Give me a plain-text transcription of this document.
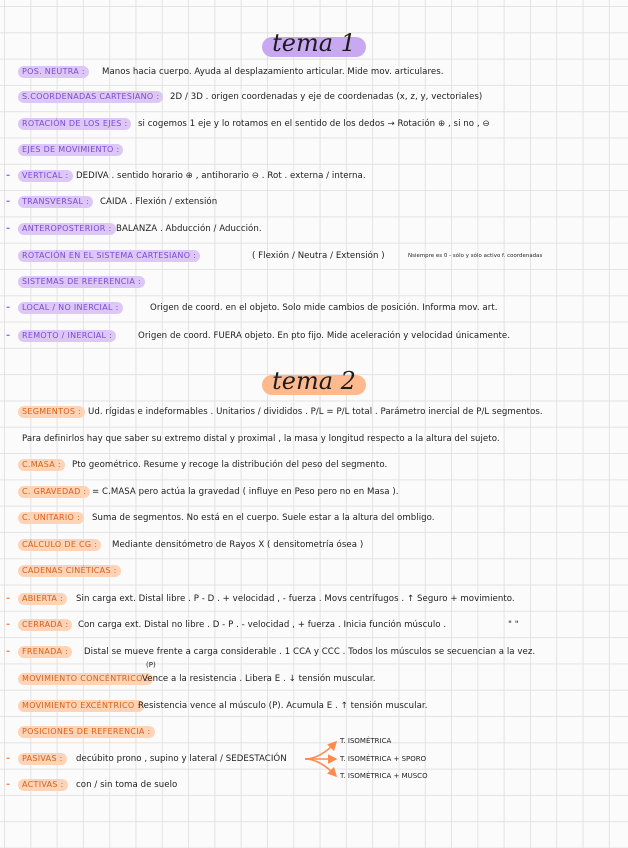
tema 1
POS. NEUTRA :	Manos hacia cuerpo. Ayuda al desplazamiento articular. Mide mov. articulares.
S.COORDENADAS CARTESIANO :	2D / 3D . origen coordenadas y eje de coordenadas (x, z, y, vectoriales)
ROTACIÓN DE LOS EJES :	si cogemos 1 eje y lo rotamos en el sentido de los dedos → Rotación ⊕ , si no , ⊖
EJES DE MOVIMIENTO :
-	VERTICAL : DEDIVA . sentido horario ⊕ , antihorario ⊖ . Rot . externa / interna.
-	TRANSVERSAL :	CAIDA . Flexión / extensión
-	ANTEROPOSTERIOR : BALANZA . Abducción / Aducción.
ROTACIÓN EN EL SISTEMA CARTESIANO :	( Flexión / Neutra / Extensión )	Nsiempre es 0 - sólo y sólo activo f. coordenadas
SISTEMAS DE REFERENCIA :
-	LOCAL / NO INERCIAL :	Origen de coord. en el objeto. Solo mide cambios de posición. Informa mov. art.
-	REMOTO / INERCIAL :	Origen de coord. FUERA objeto. En pto fijo. Mide aceleración y velocidad únicamente.
tema 2
SEGMENTOS : Ud. rígidas e indeformables . Unitarios / divididos . P/L = P/L total . Parámetro inercial de P/L segmentos.
Para definirlos hay que saber su extremo distal y proximal , la masa y longitud respecto a la altura del sujeto.
C.MASA :	Pto geométrico. Resume y recoge la distribución del peso del segmento.
C. GRAVEDAD : = C.MASA pero actúa la gravedad ( influye en Peso pero no en Masa ).
C. UNITARIO :	Suma de segmentos. No está en el cuerpo. Suele estar a la altura del ombligo.
CÁLCULO DE CG :	Mediante densitómetro de Rayos X ( densitometría ósea )
CADENAS CINÉTICAS :
-	ABIERTA :	Sin carga ext. Distal libre . P - D . + velocidad , - fuerza . Movs centrífugos . ↑ Seguro + movimiento.
-	CERRADA :	Con carga ext. Distal no libre . D - P . - velocidad , + fuerza . Inicia función músculo .	" "
-	FRENADA :	Distal se mueve frente a carga considerable . 1 CCA y CCC . Todos los músculos se secuencian a la vez.
(P)
MOVIMIENTO CONCÉNTRICO :
Vence a la resistencia . Libera E . ↓ tensión muscular.
MOVIMIENTO EXCÉNTRICO :
Resistencia vence al músculo (P). Acumula E . ↑ tensión muscular.
POSICIONES DE REFERENCIA :
-	PASIVAS :	decúbito prono , supino y lateral / SEDESTACIÓN
-	ACTIVAS :	con / sin toma de suelo
T. ISOMÉTRICA
T. ISOMÉTRICA + SPORO
T. ISOMÉTRICA + MUSCO
